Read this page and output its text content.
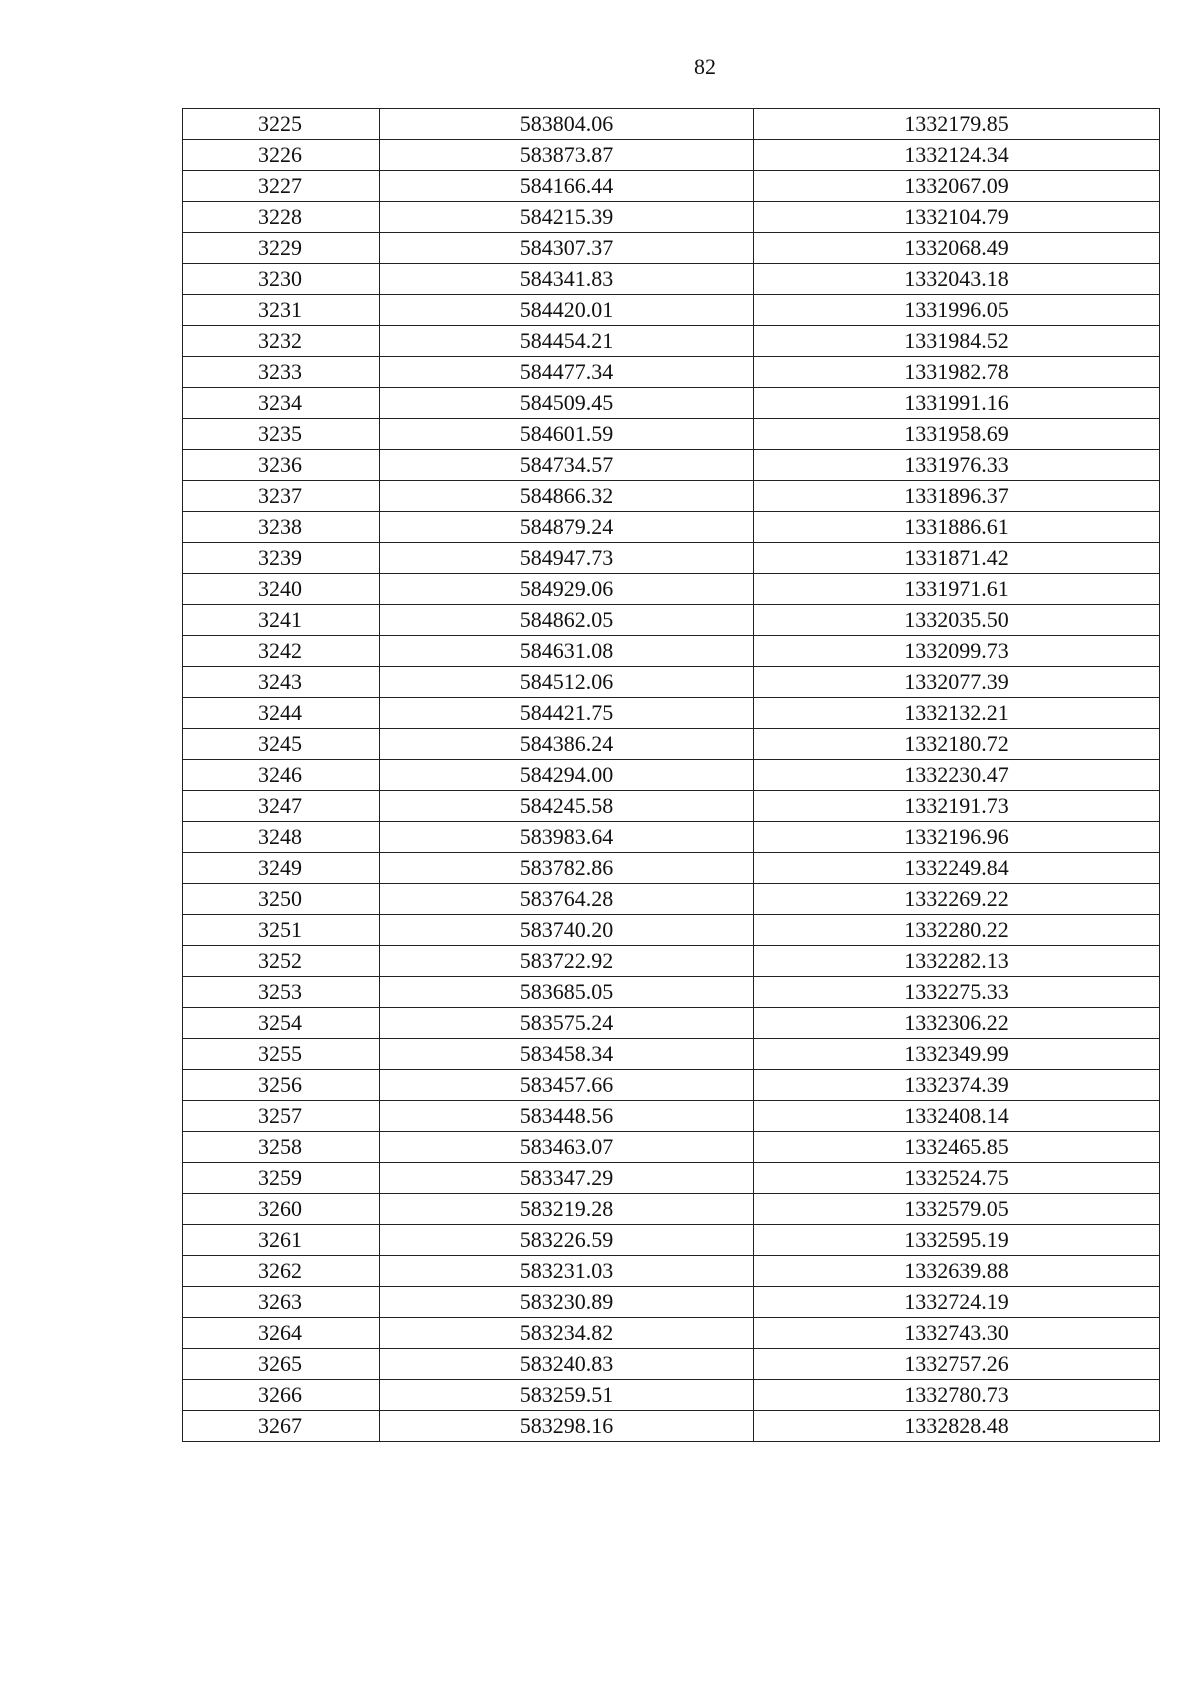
82
3225	583804.06	1332179.85
3226	583873.87	1332124.34
3227	584166.44	1332067.09
3228	584215.39	1332104.79
3229	584307.37	1332068.49
3230	584341.83	1332043.18
3231	584420.01	1331996.05
3232	584454.21	1331984.52
3233	584477.34	1331982.78
3234	584509.45	1331991.16
3235	584601.59	1331958.69
3236	584734.57	1331976.33
3237	584866.32	1331896.37
3238	584879.24	1331886.61
3239	584947.73	1331871.42
3240	584929.06	1331971.61
3241	584862.05	1332035.50
3242	584631.08	1332099.73
3243	584512.06	1332077.39
3244	584421.75	1332132.21
3245	584386.24	1332180.72
3246	584294.00	1332230.47
3247	584245.58	1332191.73
3248	583983.64	1332196.96
3249	583782.86	1332249.84
3250	583764.28	1332269.22
3251	583740.20	1332280.22
3252	583722.92	1332282.13
3253	583685.05	1332275.33
3254	583575.24	1332306.22
3255	583458.34	1332349.99
3256	583457.66	1332374.39
3257	583448.56	1332408.14
3258	583463.07	1332465.85
3259	583347.29	1332524.75
3260	583219.28	1332579.05
3261	583226.59	1332595.19
3262	583231.03	1332639.88
3263	583230.89	1332724.19
3264	583234.82	1332743.30
3265	583240.83	1332757.26
3266	583259.51	1332780.73
3267	583298.16	1332828.48
